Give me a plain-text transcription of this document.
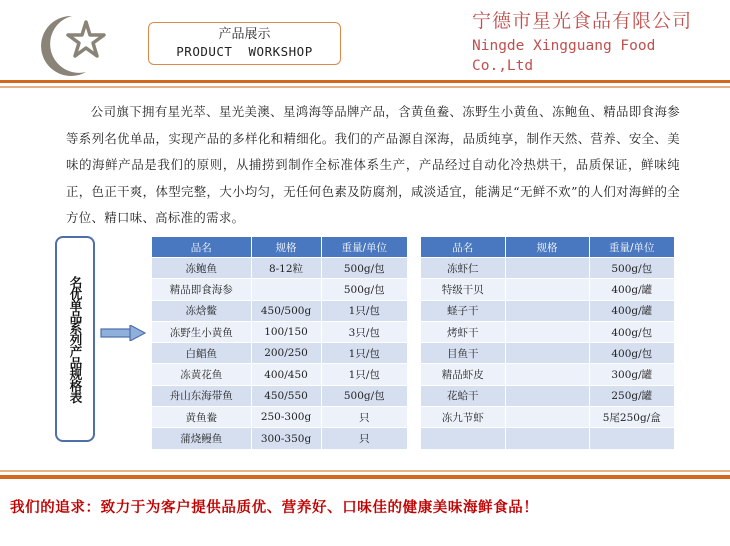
产品展示
PRODUCT  WORKSHOP
宁德市星光食品有限公司
Ningde Xingguang Food
Co.,Ltd

公司旗下拥有星光萃、星光美澳、星鸿海等品牌产品，含黄鱼鲞、冻野生小黄鱼、冻鲍鱼、精品即食海参等系列名优单品，实现产品的多样化和精细化。我们的产品源自深海，品质纯享，制作天然、营养、安全、美味的海鲜产品是我们的原则，从捕捞到制作全标准体系生产，产品经过自动化冷热烘干，品质保证，鲜味纯正，色正干爽，体型完整，大小均匀，无任何色素及防腐剂，咸淡适宜，能满足“无鲜不欢”的人们对海鲜的全方位、精口味、高标准的需求。

名优单品系列产品规格表
品名	规格	重量/单位
冻鲍鱼	8-12粒	500g/包
精品即食海参		500g/包
冻焓鳖	450/500g	1只/包
冻野生小黄鱼	100/150	3只/包
白鲳鱼	200/250	1只/包
冻黄花鱼	400/450	1只/包
舟山东海带鱼	450/550	500g/包
黄鱼鲞	250-300g	只
蒲烧鳗鱼	300-350g	只
品名	规格	重量/单位
冻虾仁		500g/包
特级干贝		400g/罐
蛏子干		400g/罐
烤虾干		400g/包
目鱼干		400g/包
精品虾皮		300g/罐
花蛤干		250g/罐
冻九节虾		5尾250g/盒

我们的追求：致力于为客户提供品质优、营养好、口味佳的健康美味海鲜食品！
